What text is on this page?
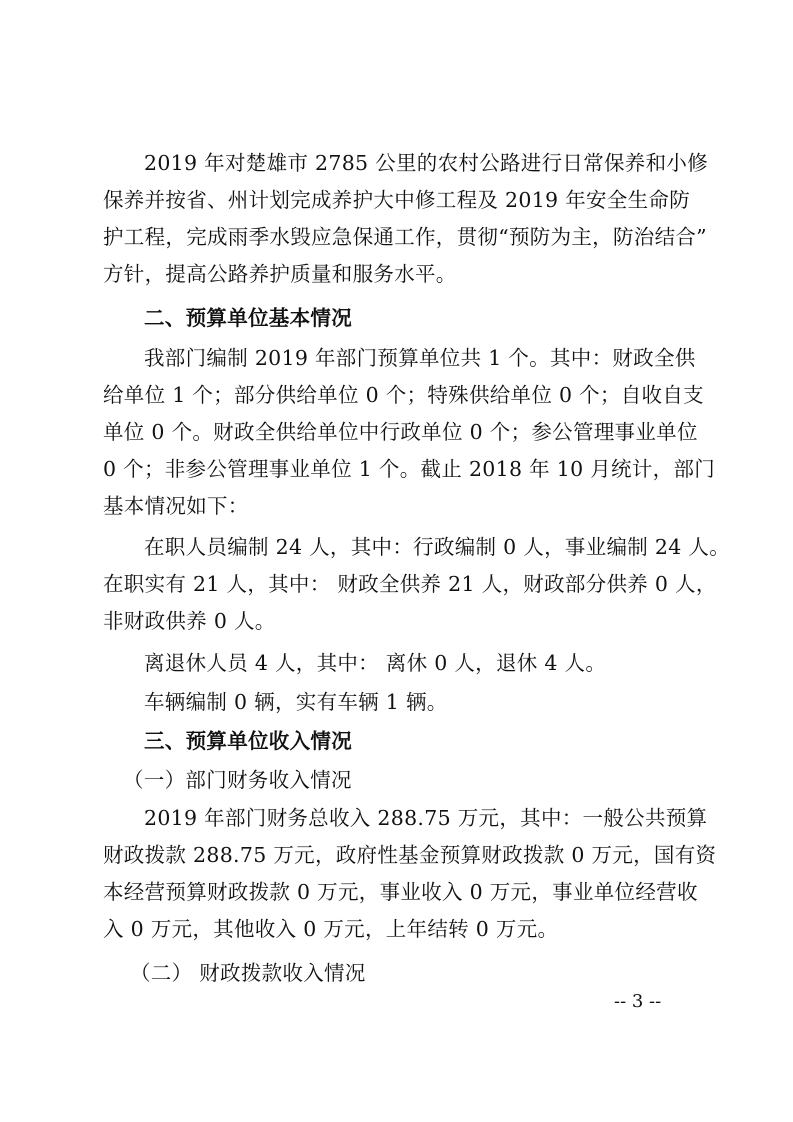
2019 年对楚雄市 2785 公里的农村公路进行日常保养和小修
保养并按省、州计划完成养护大中修工程及 2019 年安全生命防
护工程，完成雨季水毁应急保通工作，贯彻“预防为主，防治结合”
方针，提高公路养护质量和服务水平。
二、预算单位基本情况
我部门编制 2019 年部门预算单位共 1 个。其中：财政全供
给单位 1 个；部分供给单位 0 个；特殊供给单位 0 个；自收自支
单位 0 个。财政全供给单位中行政单位 0 个；参公管理事业单位
0 个；非参公管理事业单位 1 个。截止 2018 年 10 月统计，部门
基本情况如下：
在职人员编制 24 人，其中：行政编制 0 人，事业编制 24 人。
在职实有 21 人，其中： 财政全供养 21 人，财政部分供养 0 人，
非财政供养 0 人。
离退休人员 4 人，其中： 离休 0 人，退休 4 人。
车辆编制 0 辆，实有车辆 1 辆。
三、预算单位收入情况
（一）部门财务收入情况
2019 年部门财务总收入 288.75 万元，其中：一般公共预算
财政拨款 288.75 万元，政府性基金预算财政拨款 0 万元，国有资
本经营预算财政拨款 0 万元，事业收入 0 万元，事业单位经营收
入 0 万元，其他收入 0 万元，上年结转 0 万元。
（二） 财政拨款收入情况
-- 3 --
